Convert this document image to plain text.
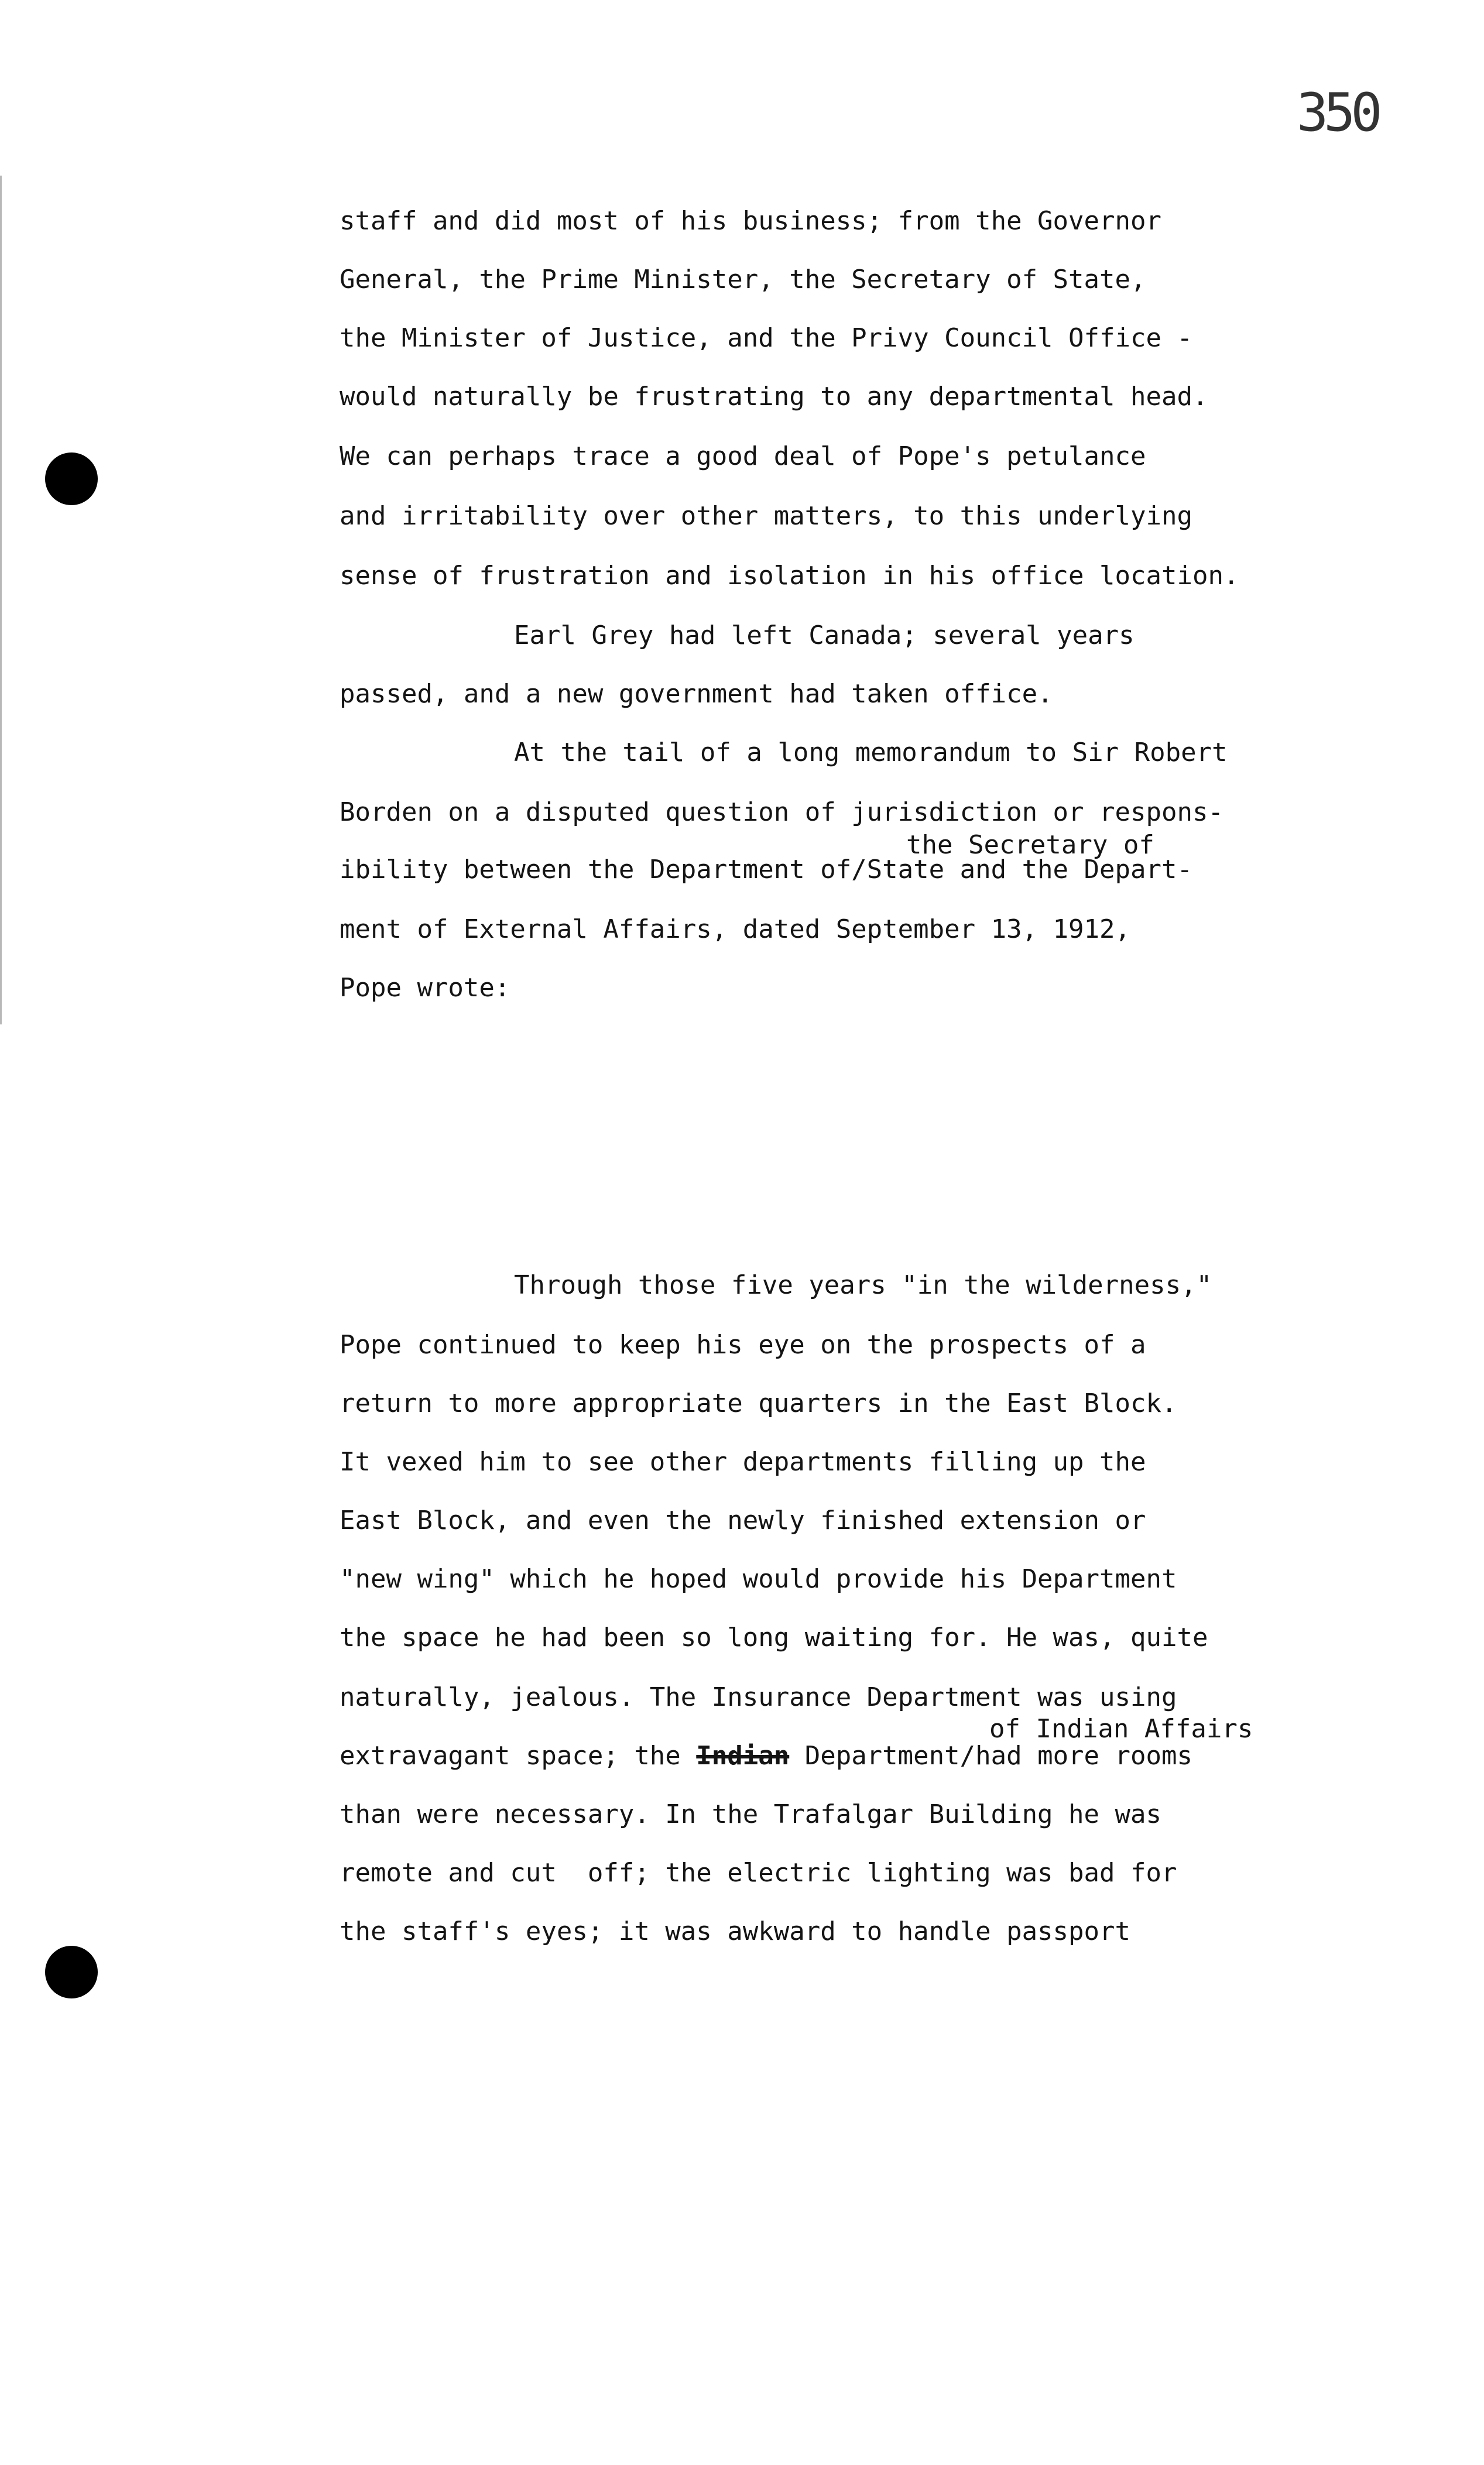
350
staff and did most of his business; from the Governor
General, the Prime Minister, the Secretary of State,
the Minister of Justice, and the Privy Council Office -
would naturally be frustrating to any departmental head.
We can perhaps trace a good deal of Pope's petulance
and irritability over other matters, to this underlying
sense of frustration and isolation in his office location.
Earl Grey had left Canada; several years
passed, and a new government had taken office.
At the tail of a long memorandum to Sir Robert
Borden on a disputed question of jurisdiction or respons-
the Secretary of
ibility between the Department of/State and the Depart-
ment of External Affairs, dated September 13, 1912,
Pope wrote:

Through those five years "in the wilderness,"
Pope continued to keep his eye on the prospects of a
return to more appropriate quarters in the East Block.
It vexed him to see other departments filling up the
East Block, and even the newly finished extension or
"new wing" which he hoped would provide his Department
the space he had been so long waiting for. He was, quite
naturally, jealous. The Insurance Department was using
of Indian Affairs
extravagant space; the Indian Department/had more rooms
than were necessary. In the Trafalgar Building he was
remote and cut  off; the electric lighting was bad for
the staff's eyes; it was awkward to handle passport
